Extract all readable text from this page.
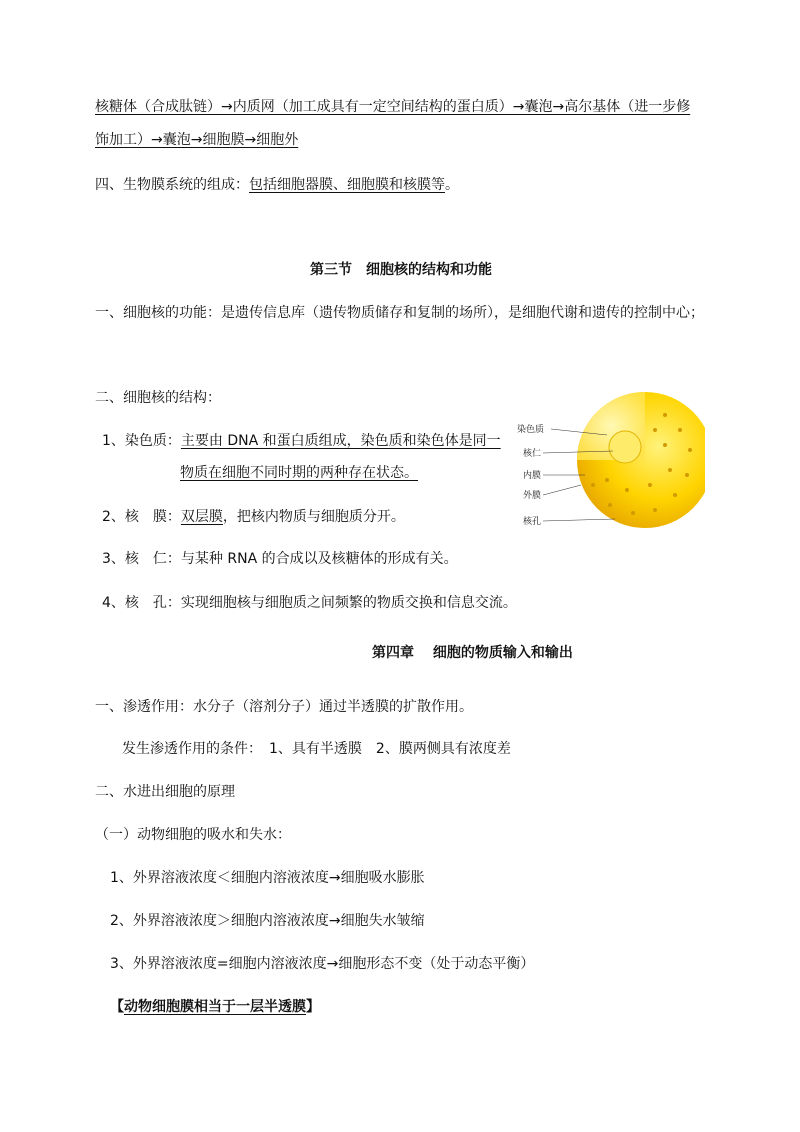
核糖体（合成肽链）→内质网（加工成具有一定空间结构的蛋白质）→囊泡→高尔基体（进一步修
饰加工）→囊泡→细胞膜→细胞外
四、生物膜系统的组成：包括细胞器膜、细胞膜和核膜等。
第三节　细胞核的结构和功能
一、细胞核的功能：是遗传信息库（遗传物质储存和复制的场所），是细胞代谢和遗传的控制中心；
二、细胞核的结构：
1、染色质：主要由 DNA 和蛋白质组成，染色质和染色体是同一
物质在细胞不同时期的两种存在状态。
2、核　膜：双层膜，把核内物质与细胞质分开。
3、核　仁：与某种 RNA 的合成以及核糖体的形成有关。
4、核　孔：实现细胞核与细胞质之间频繁的物质交换和信息交流。
染色质
核仁
内膜
外膜
核孔
第四章　 细胞的物质输入和输出
一、渗透作用：水分子（溶剂分子）通过半透膜的扩散作用。
发生渗透作用的条件：　1、具有半透膜　2、膜两侧具有浓度差
二、水进出细胞的原理
（一）动物细胞的吸水和失水：
1、外界溶液浓度＜细胞内溶液浓度→细胞吸水膨胀
2、外界溶液浓度＞细胞内溶液浓度→细胞失水皱缩
3、外界溶液浓度=细胞内溶液浓度→细胞形态不变（处于动态平衡）
【动物细胞膜相当于一层半透膜】
